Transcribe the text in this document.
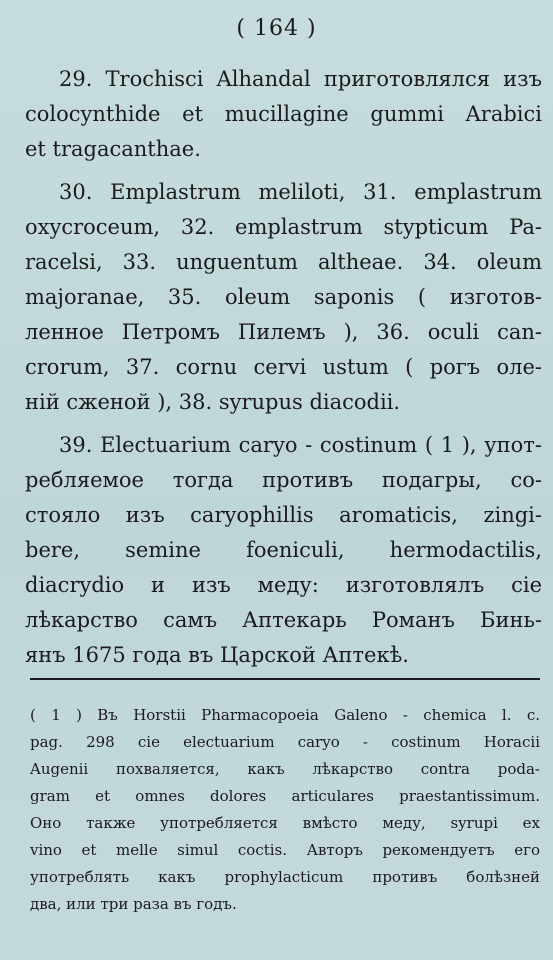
( 164 )
29. Trochisci Alhandal приготовлялся изъ
colocynthide et mucillagine gummi Arabici
et tragacanthae.
30. Emplastrum meliloti, 31. emplastrum
oxycroceum, 32. emplastrum stypticum Pa-
racelsi, 33. unguentum altheae. 34. oleum
majoranae, 35. oleum saponis ( изготов-
ленное Петромъ Пилемъ ), 36. oculi can-
crorum, 37. cornu cervi ustum ( рогъ оле-
ній сженой ), 38. syrupus diacodii.
39. Electuarium caryo - costinum ( 1 ), упот-
ребляемое тогда противъ подагры, со-
стояло изъ caryophillis aromaticis, zingi-
bere, semine foeniculi, hermodactilis,
diacrydio и изъ меду: изготовлялъ сіе
лѣкарство самъ Аптекарь Романъ Бинь-
янъ 1675 года въ Царской Аптекѣ.
( 1 ) Въ Horstii Pharmacopoeia Galeno - chemica l. c.
pag. 298 сіе electuarium caryo - costinum Horacii
Augenii похваляется, какъ лѣкарство contra poda-
gram et omnes dolores articulares praestantissimum.
Оно также употребляется вмѣсто меду, syrupi ex
vino et melle simul coctis. Авторъ рекомендуетъ его
употреблять какъ prophylacticum противъ болѣзней
два, или три раза въ годъ.
